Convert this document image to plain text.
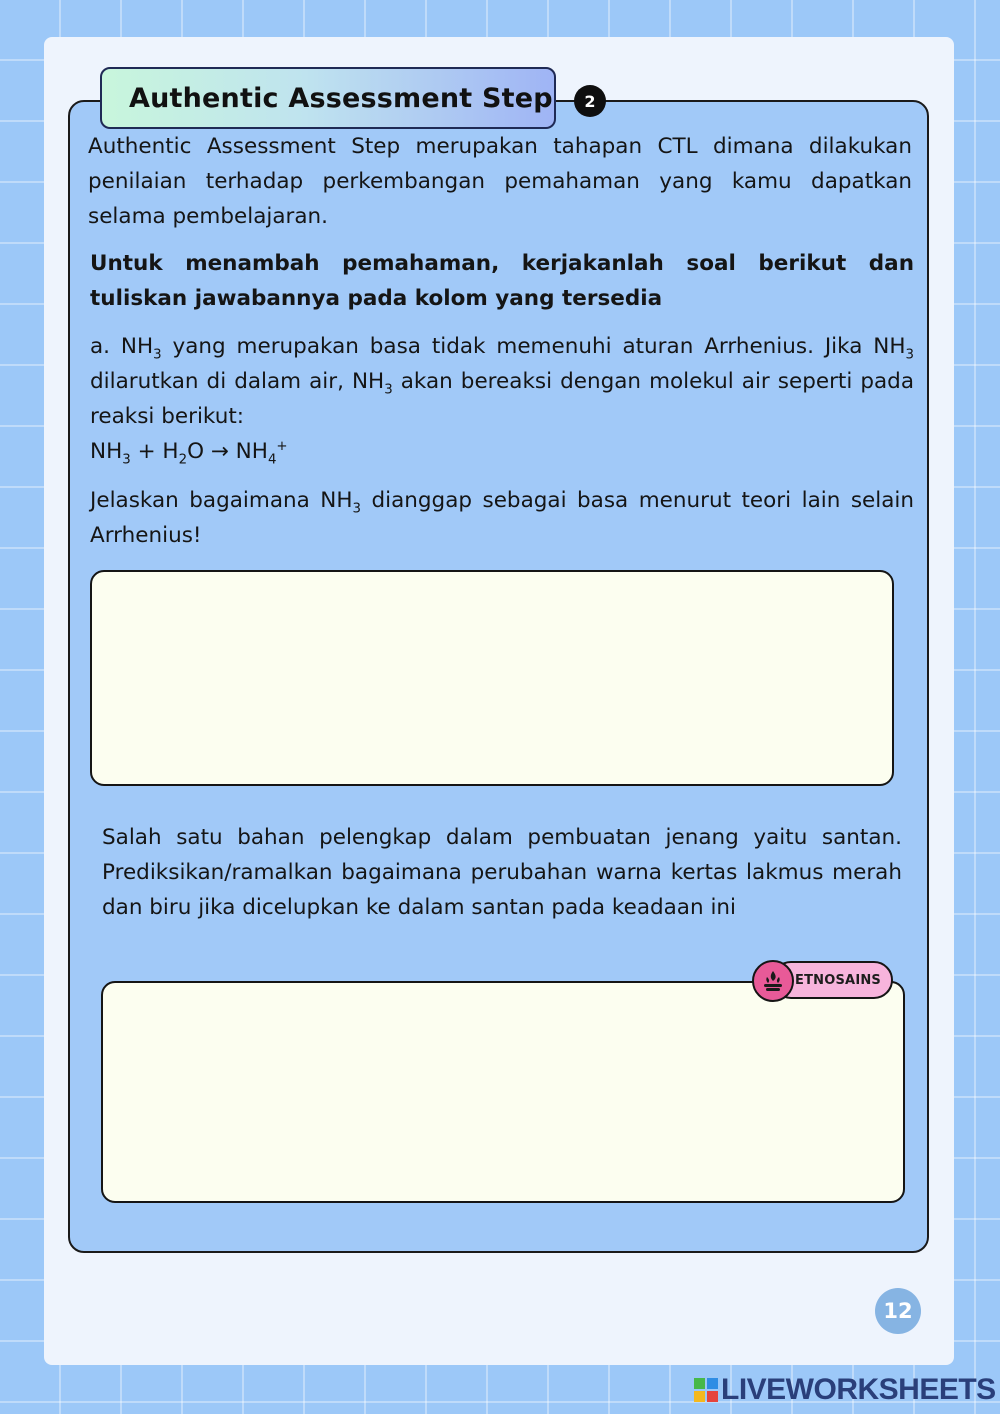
Authentic Assessment Step 2

Authentic Assessment Step merupakan tahapan CTL dimana dilakukan penilaian terhadap perkembangan pemahaman yang kamu dapatkan selama pembelajaran.

Untuk menambah pemahaman, kerjakanlah soal berikut dan tuliskan jawabannya pada kolom yang tersedia

a. $NH_3$ yang merupakan basa tidak memenuhi aturan Arrhenius. Jika $NH_3$ dilarutkan di dalam air, $NH_3$ akan bereaksi dengan molekul air seperti pada reaksi berikut:

$NH_3 + H_2O \to NH_4^+$

Jelaskan bagaimana $NH_3$ dianggap sebagai basa menurut teori lain selain Arrhenius!

Salah satu bahan pelengkap dalam pembuatan jenang yaitu santan. Prediksikan/ramalkan bagaimana perubahan warna kertas lakmus merah dan biru jika dicelupkan ke dalam santan pada keadaan ini

ETNOSAINS
12
LIVEWORKSHEETS
